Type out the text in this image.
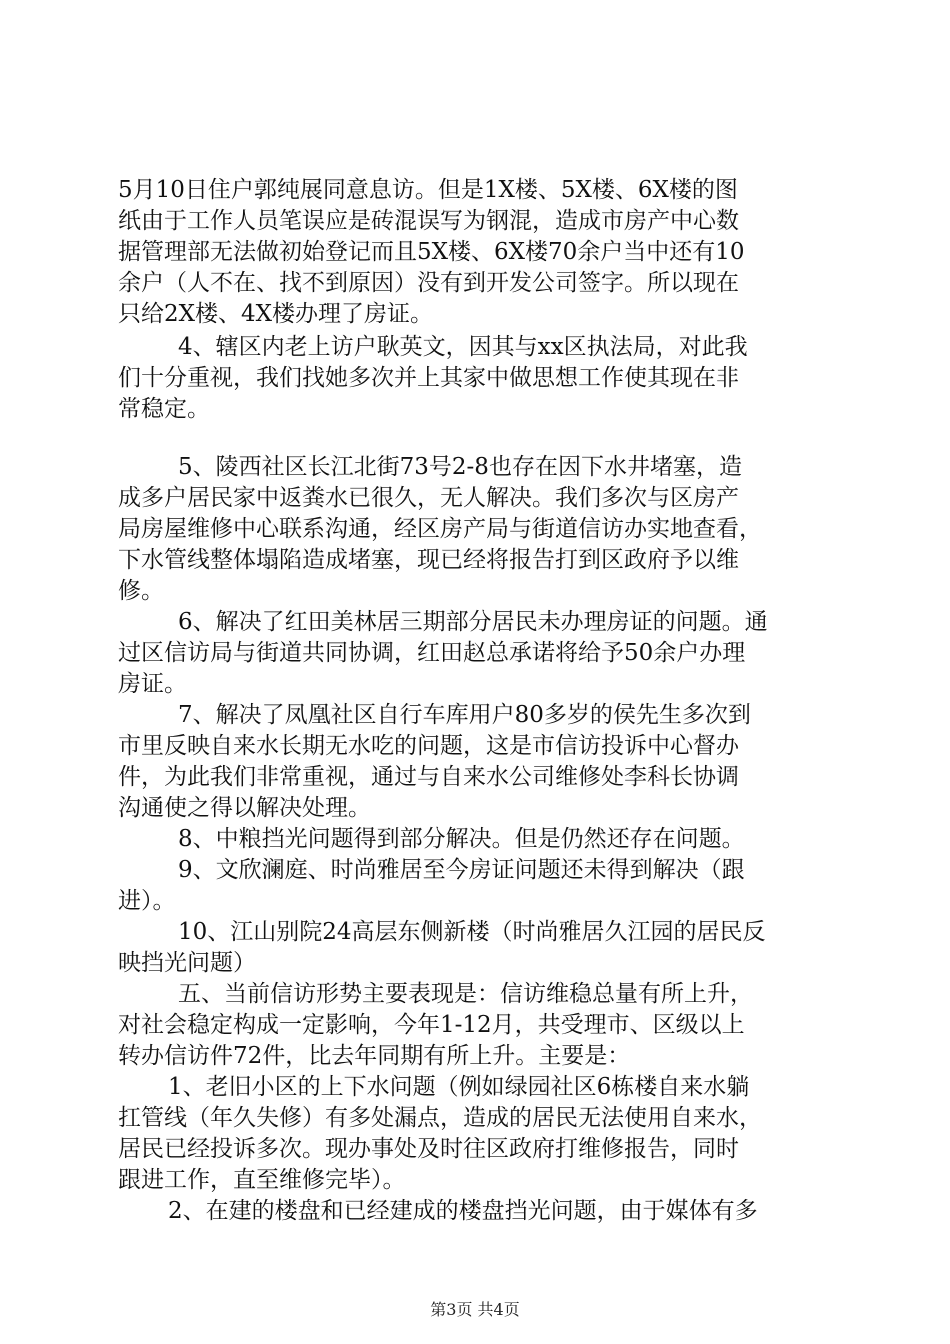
5月10日住户郭纯展同意息访。但是1X楼、5X楼、6X楼的图
纸由于工作人员笔误应是砖混误写为钢混，造成市房产中心数
据管理部无法做初始登记而且5X楼、6X楼70余户当中还有10
余户（人不在、找不到原因）没有到开发公司签字。所以现在
只给2X楼、4X楼办理了房证。
4、辖区内老上访户耿英文，因其与xx区执法局，对此我
们十分重视，我们找她多次并上其家中做思想工作使其现在非
常稳定。
5、陵西社区长江北街73号2-8也存在因下水井堵塞，造
成多户居民家中返粪水已很久，无人解决。我们多次与区房产
局房屋维修中心联系沟通，经区房产局与街道信访办实地查看，
下水管线整体塌陷造成堵塞，现已经将报告打到区政府予以维
修。
6、解决了红田美林居三期部分居民未办理房证的问题。通
过区信访局与街道共同协调，红田赵总承诺将给予50余户办理
房证。
7、解决了凤凰社区自行车库用户80多岁的侯先生多次到
市里反映自来水长期无水吃的问题，这是市信访投诉中心督办
件，为此我们非常重视，通过与自来水公司维修处李科长协调
沟通使之得以解决处理。
8、中粮挡光问题得到部分解决。但是仍然还存在问题。
9、文欣澜庭、时尚雅居至今房证问题还未得到解决（跟
进）。
10、江山别院24高层东侧新楼（时尚雅居久江园的居民反
映挡光问题）
五、当前信访形势主要表现是：信访维稳总量有所上升，
对社会稳定构成一定影响，今年1-12月，共受理市、区级以上
转办信访件72件，比去年同期有所上升。主要是：
1、老旧小区的上下水问题（例如绿园社区6栋楼自来水躺
扛管线（年久失修）有多处漏点，造成的居民无法使用自来水，
居民已经投诉多次。现办事处及时往区政府打维修报告，同时
跟进工作，直至维修完毕）。
2、在建的楼盘和已经建成的楼盘挡光问题，由于媒体有多
第3页 共4页
